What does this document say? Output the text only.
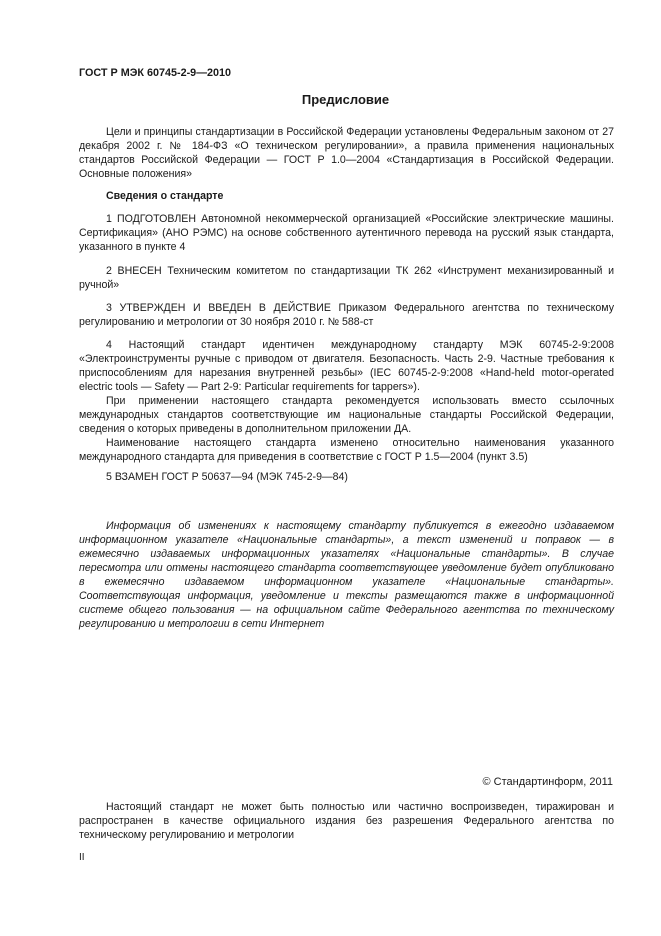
ГОСТ Р МЭК 60745-2-9—2010
Предисловие

Цели и принципы стандартизации в Российской Федерации установлены Федеральным законом от 27 декабря 2002 г. № 184-ФЗ «О техническом регулировании», а правила применения национальных стандартов Российской Федерации — ГОСТ Р 1.0—2004 «Стандартизация в Российской Федерации. Основные положения»

Сведения о стандарте

1 ПОДГОТОВЛЕН Автономной некоммерческой организацией «Российские электрические машины. Сертификация» (АНО РЭМС) на основе собственного аутентичного перевода на русский язык стандарта, указанного в пункте 4

2 ВНЕСЕН Техническим комитетом по стандартизации ТК 262 «Инструмент механизированный и ручной»

3 УТВЕРЖДЕН И ВВЕДЕН В ДЕЙСТВИЕ Приказом Федерального агентства по техническому регулированию и метрологии от 30 ноября 2010 г. № 588-ст

4 Настоящий стандарт идентичен международному стандарту МЭК 60745-2-9:2008 «Электроинструменты ручные с приводом от двигателя. Безопасность. Часть 2-9. Частные требования к приспособлениям для нарезания внутренней резьбы» (IEC 60745-2-9:2008 «Hand-held motor-operated electric tools — Safety — Part 2-9: Particular requirements for tappers»).

При применении настоящего стандарта рекомендуется использовать вместо ссылочных международных стандартов соответствующие им национальные стандарты Российской Федерации, сведения о которых приведены в дополнительном приложении ДА.

Наименование настоящего стандарта изменено относительно наименования указанного международного стандарта для приведения в соответствие с ГОСТ Р 1.5—2004 (пункт 3.5)

5 ВЗАМЕН ГОСТ Р 50637—94 (МЭК 745-2-9—84)

Информация об изменениях к настоящему стандарту публикуется в ежегодно издаваемом информационном указателе «Национальные стандарты», а текст изменений и поправок — в ежемесячно издаваемых информационных указателях «Национальные стандарты». В случае пересмотра или отмены настоящего стандарта соответствующее уведомление будет опубликовано в ежемесячно издаваемом информационном указателе «Национальные стандарты». Соответствующая информация, уведомление и тексты размещаются также в информационной системе общего пользования — на официальном сайте Федерального агентства по техническому регулированию и метрологии в сети Интернет

© Стандартинформ, 2011

Настоящий стандарт не может быть полностью или частично воспроизведен, тиражирован и распространен в качестве официального издания без разрешения Федерального агентства по техническому регулированию и метрологии

II
